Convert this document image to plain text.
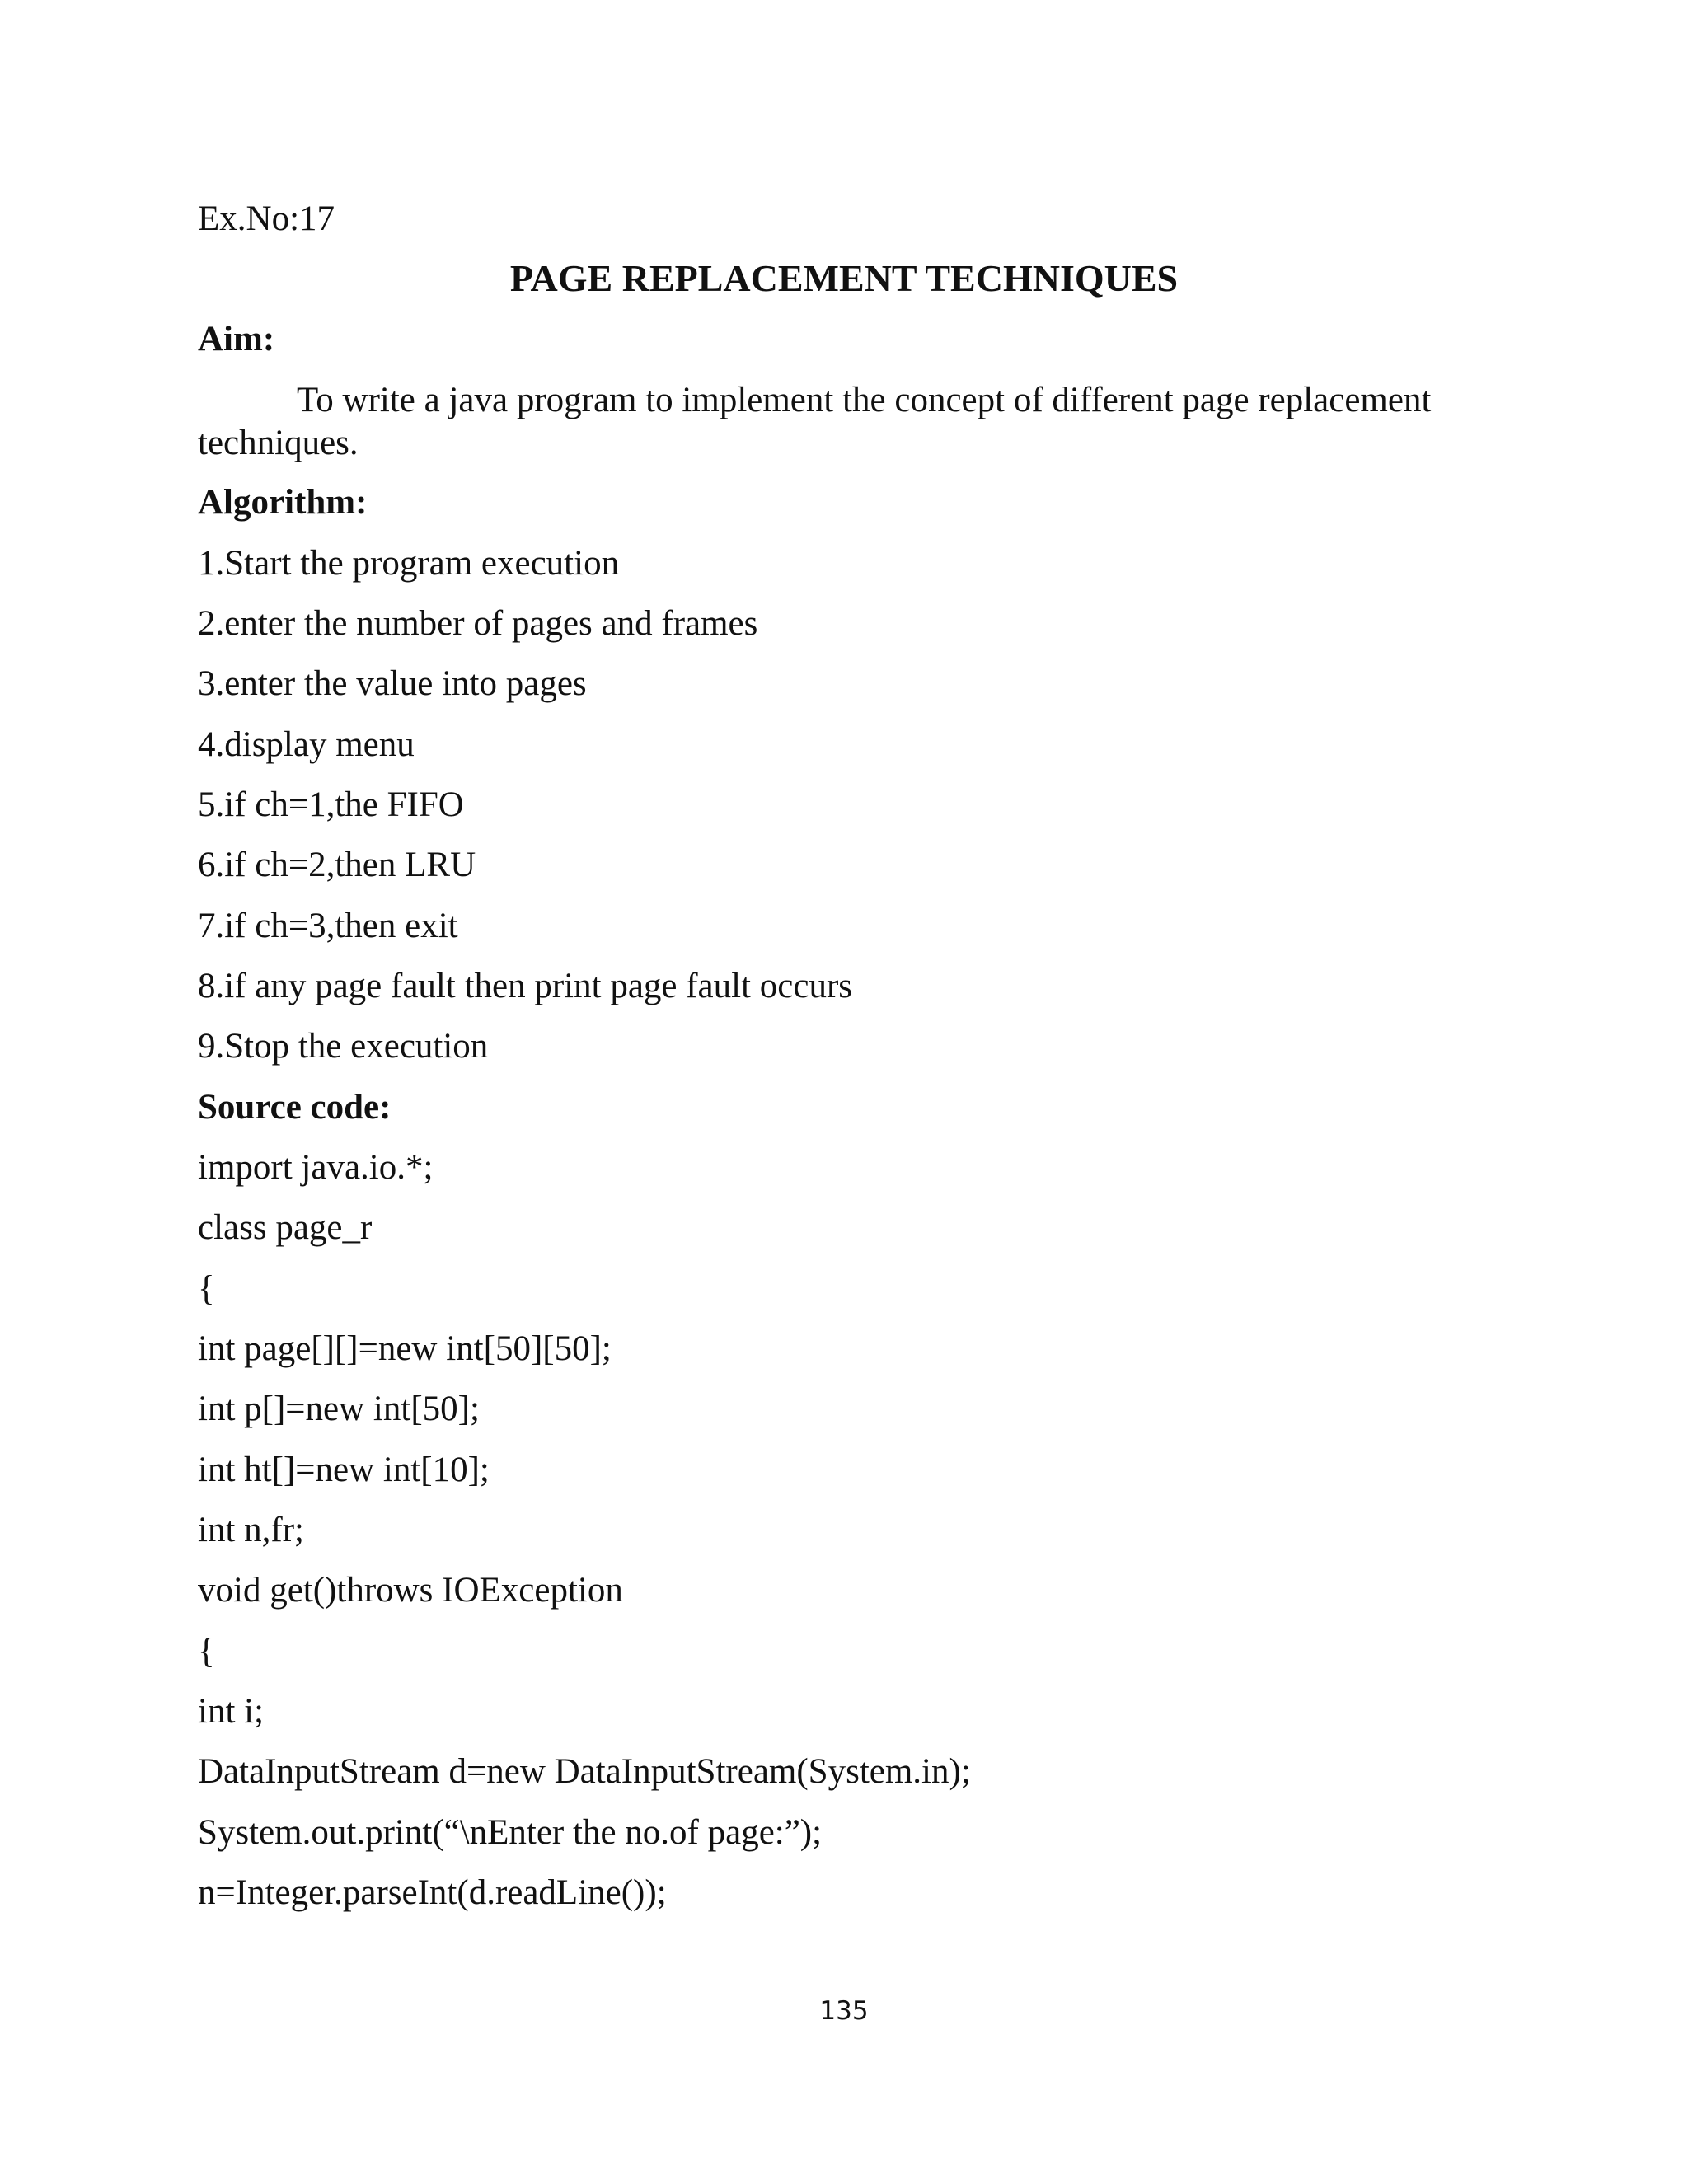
Ex.No:17
PAGE REPLACEMENT TECHNIQUES
Aim:
To write a java program to implement the concept of different page replacement
techniques.
Algorithm:
1.Start the program execution
2.enter the number of pages and frames
3.enter the value into pages
4.display menu
5.if ch=1,the FIFO
6.if ch=2,then LRU
7.if ch=3,then exit
8.if any page fault then print page fault occurs
9.Stop the execution
Source code:
import java.io.*;
class page_r
{
int page[][]=new int[50][50];
int p[]=new int[50];
int ht[]=new int[10];
int n,fr;
void get()throws IOException
{
int i;
DataInputStream d=new DataInputStream(System.in);
System.out.print(“\nEnter the no.of page:”);
n=Integer.parseInt(d.readLine());
135
